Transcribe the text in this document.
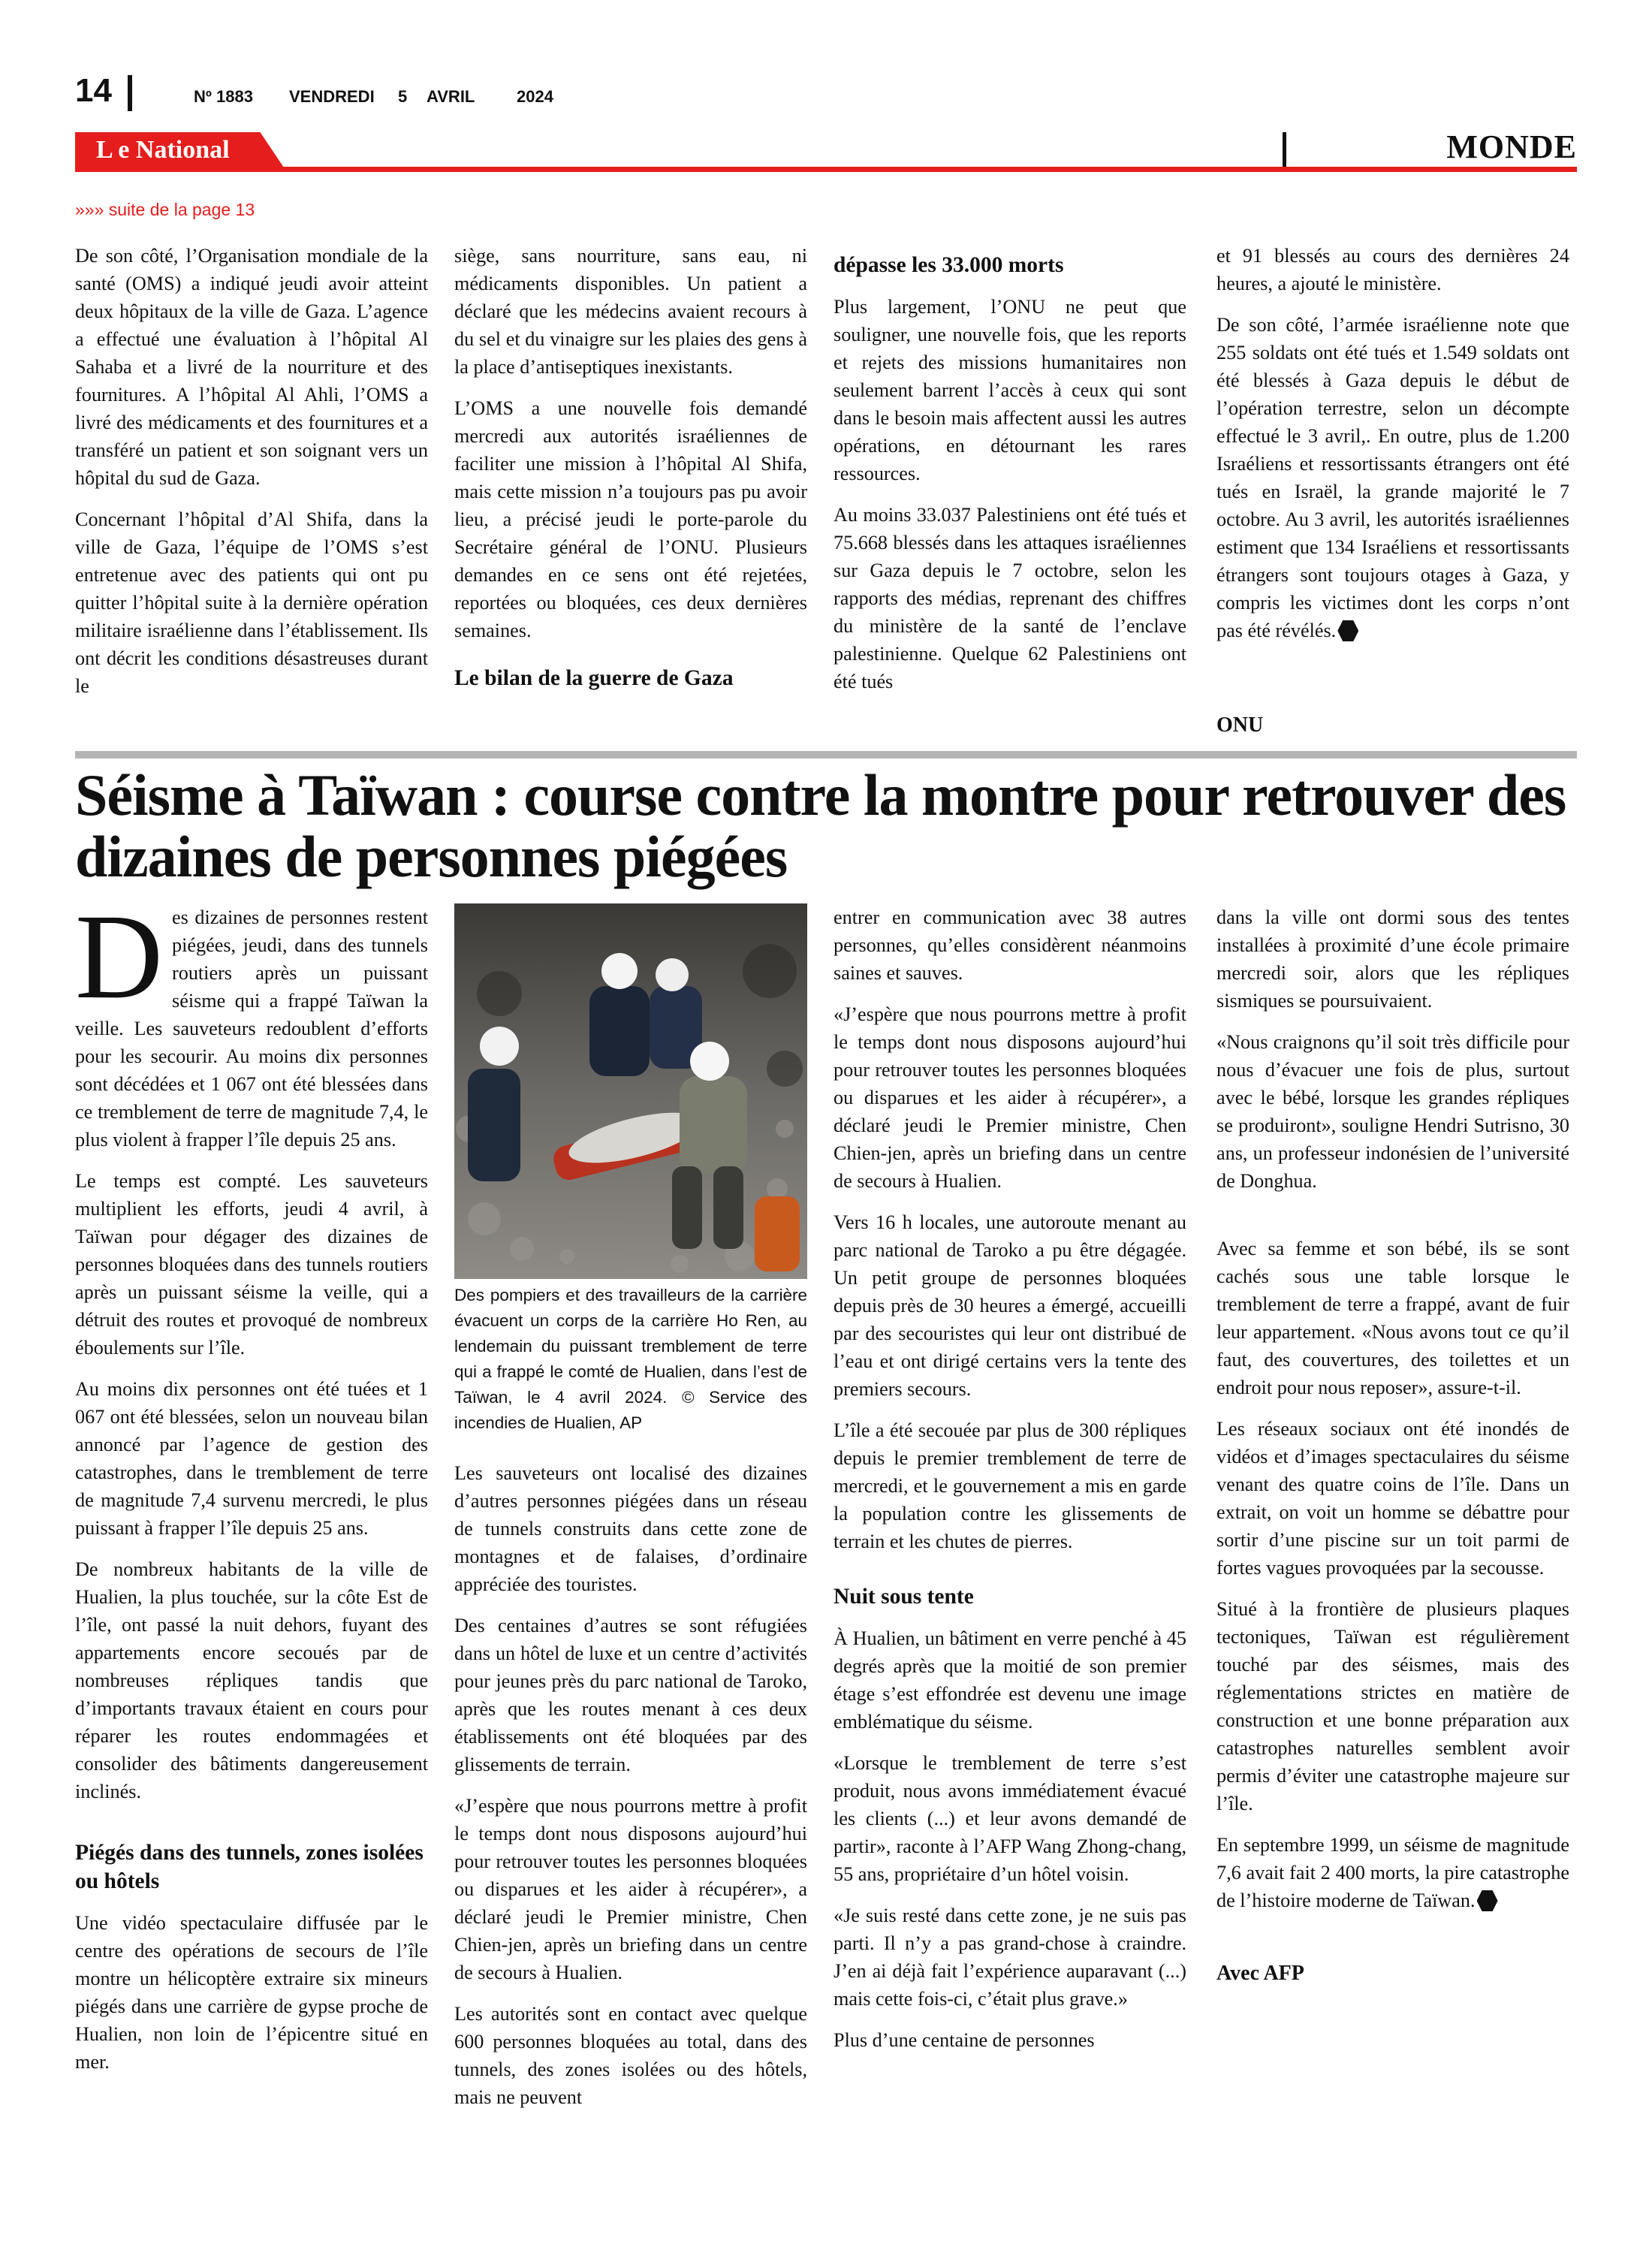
14	Nº 1883 VENDREDI 5 AVRIL	2024
L e National	MONDE
»»» suite de la page 13

De son côté, l’Organisation mondiale de la santé (OMS) a indiqué jeudi avoir atteint deux hôpitaux de la ville de Gaza. L’agence a effectué une évaluation à l’hôpital Al Sahaba et a livré de la nourriture et des fournitures. A l’hôpital Al Ahli, l’OMS a livré des médicaments et des fournitures et a transféré un patient et son soignant vers un hôpital du sud de Gaza.

Concernant l’hôpital d’Al Shifa, dans la ville de Gaza, l’équipe de l’OMS s’est entretenue avec des patients qui ont pu quitter l’hôpital suite à la dernière opération militaire israélienne dans l’établissement. Ils ont décrit les conditions désastreuses durant le

siège, sans nourriture, sans eau, ni médicaments disponibles. Un patient a déclaré que les médecins avaient recours à du sel et du vinaigre sur les plaies des gens à la place d’antiseptiques inexistants.

L’OMS a une nouvelle fois demandé mercredi aux autorités israéliennes de faciliter une mission à l’hôpital Al Shifa, mais cette mission n’a toujours pas pu avoir lieu, a précisé jeudi le porte-parole du Secrétaire général de l’ONU. Plusieurs demandes en ce sens ont été rejetées, reportées ou bloquées, ces deux dernières semaines.

Le bilan de la guerre de Gaza

dépasse les 33.000 morts

Plus largement, l’ONU ne peut que souligner, une nouvelle fois, que les reports et rejets des missions humanitaires non seulement barrent l’accès à ceux qui sont dans le besoin mais affectent aussi les autres opérations, en détournant les rares ressources.

Au moins 33.037 Palestiniens ont été tués et 75.668 blessés dans les attaques israéliennes sur Gaza depuis le 7 octobre, selon les rapports des médias, reprenant des chiffres du ministère de la santé de l’enclave palestinienne. Quelque 62 Palestiniens ont été tués

et 91 blessés au cours des dernières 24 heures, a ajouté le ministère.

De son côté, l’armée israélienne note que 255 soldats ont été tués et 1.549 soldats ont été blessés à Gaza depuis le début de l’opération terrestre, selon un décompte effectué le 3 avril,. En outre, plus de 1.200 Israéliens et ressortissants étrangers ont été tués en Israël, la grande majorité le 7 octobre. Au 3 avril, les autorités israéliennes estiment que 134 Israéliens et ressortissants étrangers sont toujours otages à Gaza, y compris les victimes dont les corps n’ont pas été révélés.

ONU
Séisme à Taïwan : course contre la montre pour retrouver des dizaines de personnes piégées

Des dizaines de personnes restent piégées, jeudi, dans des tunnels routiers après un puissant séisme qui a frappé Taïwan la veille. Les sauveteurs redoublent d’efforts pour les secourir. Au moins dix personnes sont décédées et 1 067 ont été blessées dans ce tremblement de terre de magnitude 7,4, le plus violent à frapper l’île depuis 25 ans.

Le temps est compté. Les sauveteurs multiplient les efforts, jeudi 4 avril, à Taïwan pour dégager des dizaines de personnes bloquées dans des tunnels routiers après un puissant séisme la veille, qui a détruit des routes et provoqué de nombreux éboulements sur l’île.

Au moins dix personnes ont été tuées et 1 067 ont été blessées, selon un nouveau bilan annoncé par l’agence de gestion des catastrophes, dans le tremblement de terre de magnitude 7,4 survenu mercredi, le plus puissant à frapper l’île depuis 25 ans.

De nombreux habitants de la ville de Hualien, la plus touchée, sur la côte Est de l’île, ont passé la nuit dehors, fuyant des appartements encore secoués par de nombreuses répliques tandis que d’importants travaux étaient en cours pour réparer les routes endommagées et consolider des bâtiments dangereusement inclinés.

Piégés dans des tunnels, zones isolées ou hôtels

Une vidéo spectaculaire diffusée par le centre des opérations de secours de l’île montre un hélicoptère extraire six mineurs piégés dans une carrière de gypse proche de Hualien, non loin de l’épicentre situé en mer.

Des pompiers et des travailleurs de la carrière évacuent un corps de la carrière Ho Ren, au lendemain du puissant tremblement de terre qui a frappé le comté de Hualien, dans l’est de Taïwan, le 4 avril 2024. © Service des incendies de Hualien, AP

Les sauveteurs ont localisé des dizaines d’autres personnes piégées dans un réseau de tunnels construits dans cette zone de montagnes et de falaises, d’ordinaire appréciée des touristes.

Des centaines d’autres se sont réfugiées dans un hôtel de luxe et un centre d’activités pour jeunes près du parc national de Taroko, après que les routes menant à ces deux établissements ont été bloquées par des glissements de terrain.

«J’espère que nous pourrons mettre à profit le temps dont nous disposons aujourd’hui pour retrouver toutes les personnes bloquées ou disparues et les aider à récupérer», a déclaré jeudi le Premier ministre, Chen Chien-jen, après un briefing dans un centre de secours à Hualien.

Les autorités sont en contact avec quelque 600 personnes bloquées au total, dans des tunnels, des zones isolées ou des hôtels, mais ne peuvent

entrer en communication avec 38 autres personnes, qu’elles considèrent néanmoins saines et sauves.

«J’espère que nous pourrons mettre à profit le temps dont nous disposons aujourd’hui pour retrouver toutes les personnes bloquées ou disparues et les aider à récupérer», a déclaré jeudi le Premier ministre, Chen Chien-jen, après un briefing dans un centre de secours à Hualien.

Vers 16 h locales, une autoroute menant au parc national de Taroko a pu être dégagée. Un petit groupe de personnes bloquées depuis près de 30 heures a émergé, accueilli par des secouristes qui leur ont distribué de l’eau et ont dirigé certains vers la tente des premiers secours.

L’île a été secouée par plus de 300 répliques depuis le premier tremblement de terre de mercredi, et le gouvernement a mis en garde la population contre les glissements de terrain et les chutes de pierres.

Nuit sous tente

À Hualien, un bâtiment en verre penché à 45 degrés après que la moitié de son premier étage s’est effondrée est devenu une image emblématique du séisme.

«Lorsque le tremblement de terre s’est produit, nous avons immédiatement évacué les clients (...) et leur avons demandé de partir», raconte à l’AFP Wang Zhong-chang, 55 ans, propriétaire d’un hôtel voisin.

«Je suis resté dans cette zone, je ne suis pas parti. Il n’y a pas grand-chose à craindre. J’en ai déjà fait l’expérience auparavant (...) mais cette fois-ci, c’était plus grave.»

Plus d’une centaine de personnes

dans la ville ont dormi sous des tentes installées à proximité d’une école primaire mercredi soir, alors que les répliques sismiques se poursuivaient.

«Nous craignons qu’il soit très difficile pour nous d’évacuer une fois de plus, surtout avec le bébé, lorsque les grandes répliques se produiront», souligne Hendri Sutrisno, 30 ans, un professeur indonésien de l’université de Donghua.

Avec sa femme et son bébé, ils se sont cachés sous une table lorsque le tremblement de terre a frappé, avant de fuir leur appartement. «Nous avons tout ce qu’il faut, des couvertures, des toilettes et un endroit pour nous reposer», assure-t-il.

Les réseaux sociaux ont été inondés de vidéos et d’images spectaculaires du séisme venant des quatre coins de l’île. Dans un extrait, on voit un homme se débattre pour sortir d’une piscine sur un toit parmi de fortes vagues provoquées par la secousse.

Situé à la frontière de plusieurs plaques tectoniques, Taïwan est régulièrement touché par des séismes, mais des réglementations strictes en matière de construction et une bonne préparation aux catastrophes naturelles semblent avoir permis d’éviter une catastrophe majeure sur l’île.

En septembre 1999, un séisme de magnitude 7,6 avait fait 2 400 morts, la pire catastrophe de l’histoire moderne de Taïwan.

Avec AFP
